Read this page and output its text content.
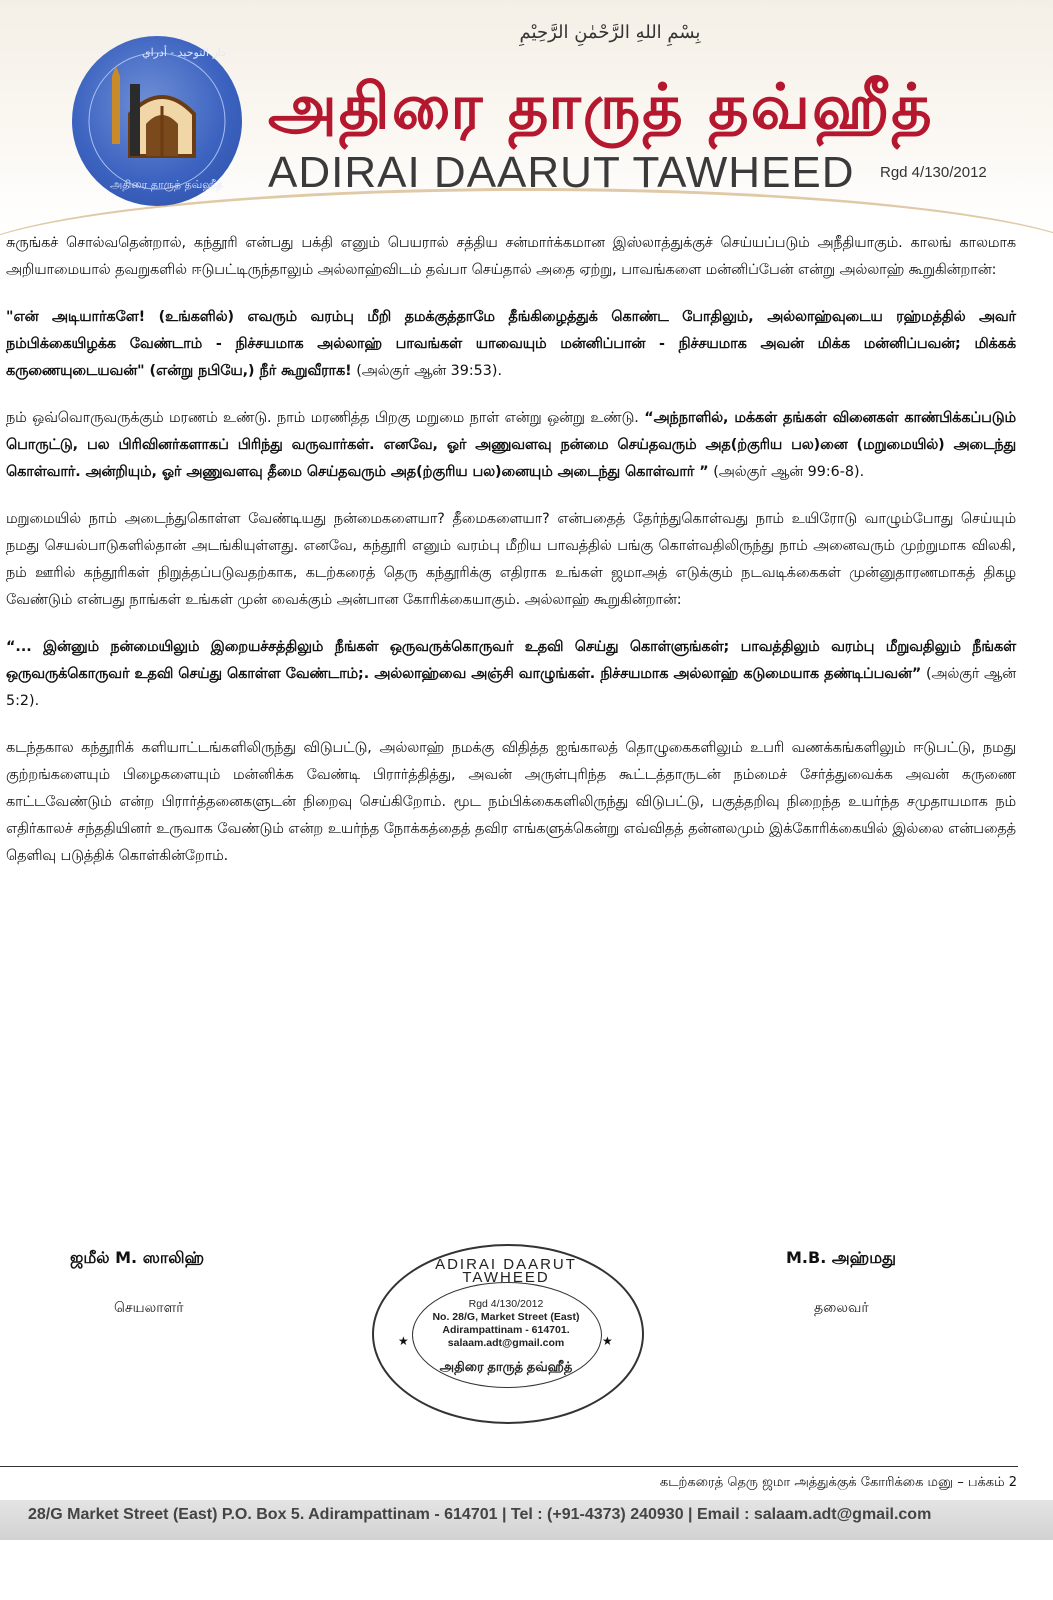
دار التوحيد - أدراي
அதிரை தாருத் தவ்ஹீத்
بِسْمِ اللهِ الرَّحْمٰنِ الرَّحِيْمِ
அதிரை தாருத் தவ்ஹீத்
ADIRAI DAARUT TAWHEED Rgd 4/130/2012

சுருங்கச் சொல்வதென்றால், கந்தூரி என்பது பக்தி எனும் பெயரால் சத்திய சன்மார்க்கமான இஸ்லாத்துக்குச் செய்யப்படும் அநீதியாகும். காலங் காலமாக அறியாமையால் தவறுகளில் ஈடுபட்டிருந்தாலும் அல்லாஹ்விடம் தவ்பா செய்தால் அதை ஏற்று, பாவங்களை மன்னிப்பேன் என்று அல்லாஹ் கூறுகின்றான்:

"என் அடியார்களே! (உங்களில்) எவரும் வரம்பு மீறி தமக்குத்தாமே தீங்கிழைத்துக் கொண்ட போதிலும், அல்லாஹ்வுடைய ரஹ்மத்தில் அவர் நம்பிக்கையிழக்க வேண்டாம் - நிச்சயமாக அல்லாஹ் பாவங்கள் யாவையும் மன்னிப்பான் - நிச்சயமாக அவன் மிக்க மன்னிப்பவன்; மிக்கக் கருணையுடையவன்" (என்று நபியே,) நீர் கூறுவீராக! (அல்குர் ஆன் 39:53).

நம் ஒவ்வொருவருக்கும் மரணம் உண்டு. நாம் மரணித்த பிறகு மறுமை நாள் என்று ஒன்று உண்டு. “அந்நாளில், மக்கள் தங்கள் வினைகள் காண்பிக்கப்படும் பொருட்டு, பல பிரிவினர்களாகப் பிரிந்து வருவார்கள். எனவே, ஓர் அணுவளவு நன்மை செய்தவரும் அத(ற்குரிய பல)னை (மறுமையில்) அடைந்து கொள்வார். அன்றியும், ஓர் அணுவளவு தீமை செய்தவரும் அத(ற்குரிய பல)னையும் அடைந்து கொள்வார் ” (அல்குர் ஆன் 99:6-8).

மறுமையில் நாம் அடைந்துகொள்ள வேண்டியது நன்மைகளையா? தீமைகளையா? என்பதைத் தேர்ந்துகொள்வது நாம் உயிரோடு வாழும்போது செய்யும் நமது செயல்பாடுகளில்தான் அடங்கியுள்ளது. எனவே, கந்தூரி எனும் வரம்பு மீறிய பாவத்தில் பங்கு கொள்வதிலிருந்து நாம் அனைவரும் முற்றுமாக விலகி, நம் ஊரில் கந்தூரிகள் நிறுத்தப்படுவதற்காக, கடற்கரைத் தெரு கந்தூரிக்கு எதிராக உங்கள் ஜமாஅத் எடுக்கும் நடவடிக்கைகள் முன்னுதாரணமாகத் திகழ வேண்டும் என்பது நாங்கள் உங்கள் முன் வைக்கும் அன்பான கோரிக்கையாகும். அல்லாஹ் கூறுகின்றான்:

“... இன்னும் நன்மையிலும் இறையச்சத்திலும் நீங்கள் ஒருவருக்கொருவர் உதவி செய்து கொள்ளுங்கள்; பாவத்திலும் வரம்பு மீறுவதிலும் நீங்கள் ஒருவருக்கொருவர் உதவி செய்து கொள்ள வேண்டாம்;. அல்லாஹ்வை அஞ்சி வாழுங்கள். நிச்சயமாக அல்லாஹ் கடுமையாக தண்டிப்பவன்” (அல்குர் ஆன் 5:2).

கடந்தகால கந்தூரிக் களியாட்டங்களிலிருந்து விடுபட்டு, அல்லாஹ் நமக்கு விதித்த ஐங்காலத் தொழுகைகளிலும் உபரி வணக்கங்களிலும் ஈடுபட்டு, நமது குற்றங்களையும் பிழைகளையும் மன்னிக்க வேண்டி பிரார்த்தித்து, அவன் அருள்புரிந்த கூட்டத்தாருடன் நம்மைச் சேர்த்துவைக்க அவன் கருணை காட்டவேண்டும் என்ற பிரார்த்தனைகளுடன் நிறைவு செய்கிறோம். மூட நம்பிக்கைகளிலிருந்து விடுபட்டு, பகுத்தறிவு நிறைந்த உயர்ந்த சமுதாயமாக நம் எதிர்காலச் சந்ததியினர் உருவாக வேண்டும் என்ற உயர்ந்த நோக்கத்தைத் தவிர எங்களுக்கென்று எவ்விதத் தன்னலமும் இக்கோரிக்கையில் இல்லை என்பதைத் தெளிவு படுத்திக் கொள்கின்றோம்.

ஜமீல் M. ஸாலிஹ்
செயலாளர்
M.B. அஹ்மது
தலைவர்
ADIRAI DAARUT TAWHEED
Rgd 4/130/2012
No. 28/G, Market Street (East)
Adirampattinam - 614701.
salaam.adt@gmail.com
அதிரை தாருத் தவ்ஹீத்
★	★
கடற்கரைத் தெரு ஜமா அத்துக்குக் கோரிக்கை மனு – பக்கம் 2
28/G Market Street (East) P.O. Box 5. Adirampattinam - 614701 | Tel : (+91-4373) 240930 | Email : salaam.adt@gmail.com
